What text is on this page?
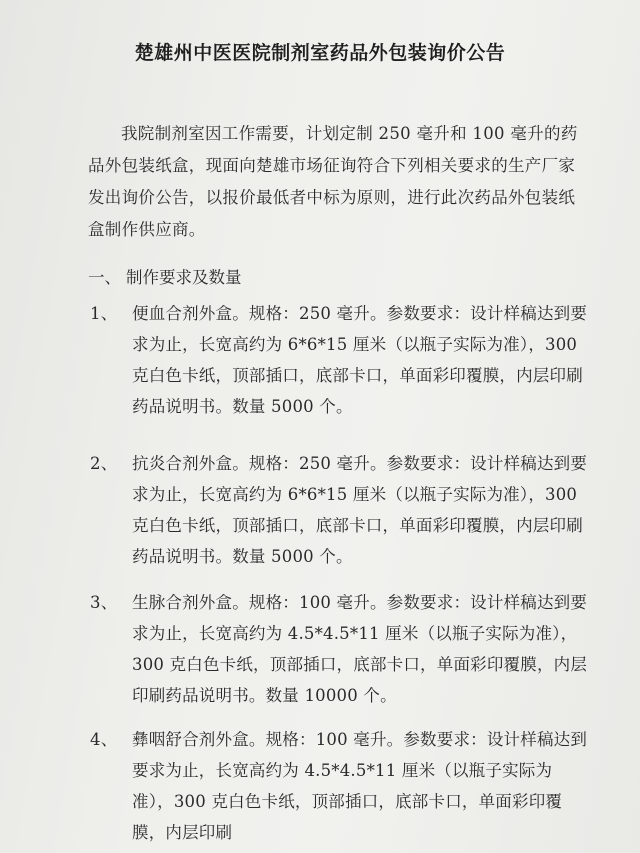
楚雄州中医医院制剂室药品外包装询价公告
我院制剂室因工作需要，计划定制 250 毫升和 100 毫升的药品外包装纸盒，现面向楚雄市场征询符合下列相关要求的生产厂家发出询价公告，以报价最低者中标为原则，进行此次药品外包装纸盒制作供应商。
一、 制作要求及数量
1、 便血合剂外盒。规格：250 毫升。参数要求：设计样稿达到要求为止，长宽高约为 6*6*15 厘米（以瓶子实际为准），300 克白色卡纸，顶部插口，底部卡口，单面彩印覆膜，内层印刷药品说明书。数量 5000 个。
2、 抗炎合剂外盒。规格：250 毫升。参数要求：设计样稿达到要求为止，长宽高约为 6*6*15 厘米（以瓶子实际为准），300 克白色卡纸，顶部插口，底部卡口，单面彩印覆膜，内层印刷药品说明书。数量 5000 个。
3、 生脉合剂外盒。规格：100 毫升。参数要求：设计样稿达到要求为止，长宽高约为 4.5*4.5*11 厘米（以瓶子实际为准），300 克白色卡纸，顶部插口，底部卡口，单面彩印覆膜，内层印刷药品说明书。数量 10000 个。
4、 彝咽舒合剂外盒。规格：100 毫升。参数要求：设计样稿达到要求为止，长宽高约为 4.5*4.5*11 厘米（以瓶子实际为准），300 克白色卡纸，顶部插口，底部卡口，单面彩印覆膜，内层印刷
